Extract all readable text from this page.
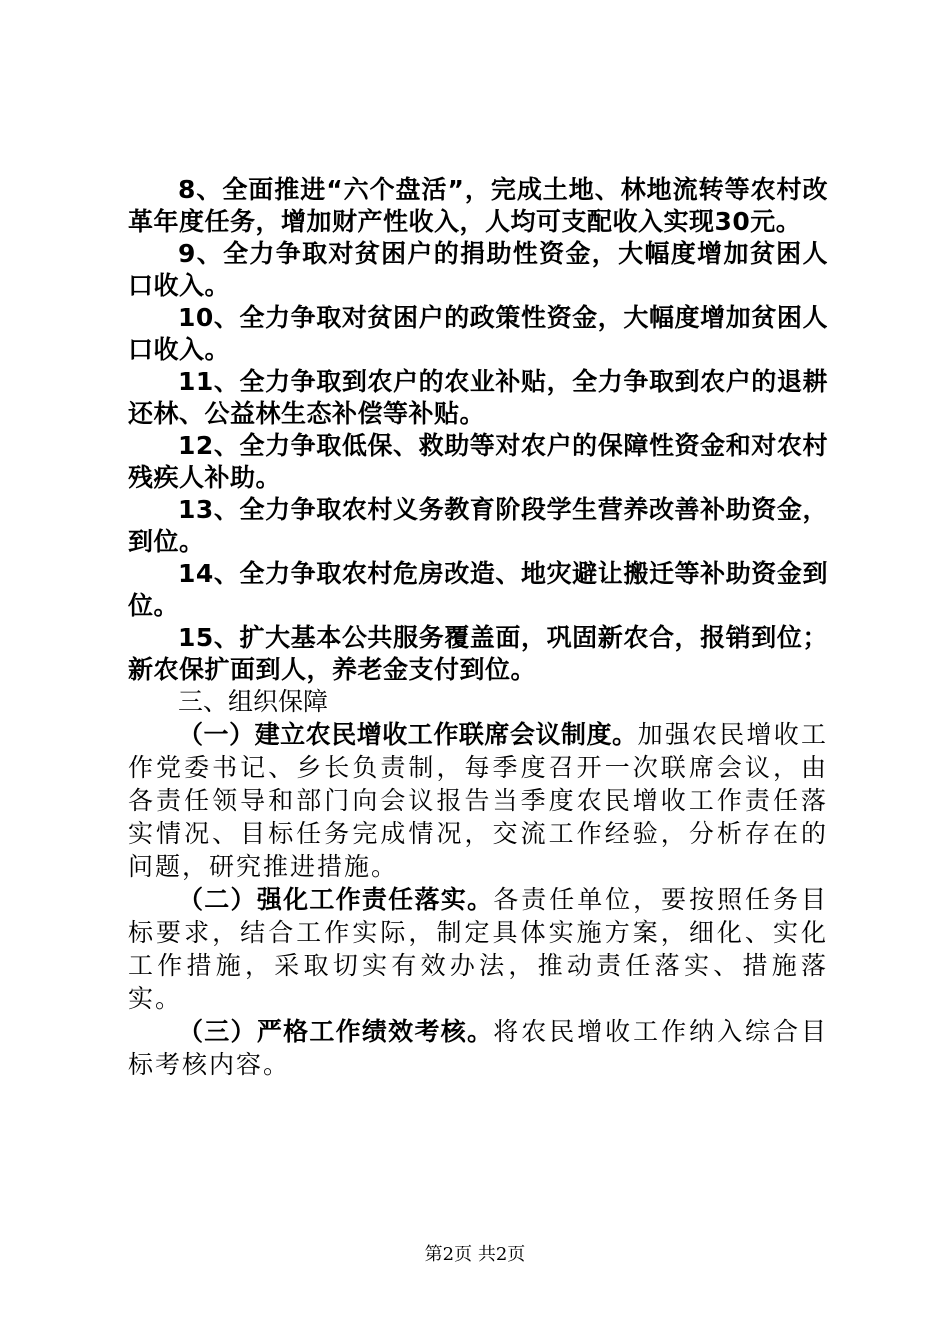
8、全面推进“六个盘活”，完成土地、林地流转等农村改革年度任务，增加财产性收入，人均可支配收入实现30元。

9、全力争取对贫困户的捐助性资金，大幅度增加贫困人口收入。

10、全力争取对贫困户的政策性资金，大幅度增加贫困人口收入。

11、全力争取到农户的农业补贴，全力争取到农户的退耕还林、公益林生态补偿等补贴。

12、全力争取低保、救助等对农户的保障性资金和对农村残疾人补助。

13、全力争取农村义务教育阶段学生营养改善补助资金，到位。

14、全力争取农村危房改造、地灾避让搬迁等补助资金到位。

15、扩大基本公共服务覆盖面，巩固新农合，报销到位；新农保扩面到人，养老金支付到位。

三、组织保障

（一）建立农民增收工作联席会议制度。加强农民增收工作党委书记、乡长负责制，每季度召开一次联席会议，由各责任领导和部门向会议报告当季度农民增收工作责任落实情况、目标任务完成情况，交流工作经验，分析存在的问题，研究推进措施。

（二）强化工作责任落实。各责任单位，要按照任务目标要求，结合工作实际，制定具体实施方案，细化、实化工作措施，采取切实有效办法，推动责任落实、措施落实。

（三）严格工作绩效考核。将农民增收工作纳入综合目标考核内容。

第2页 共2页
